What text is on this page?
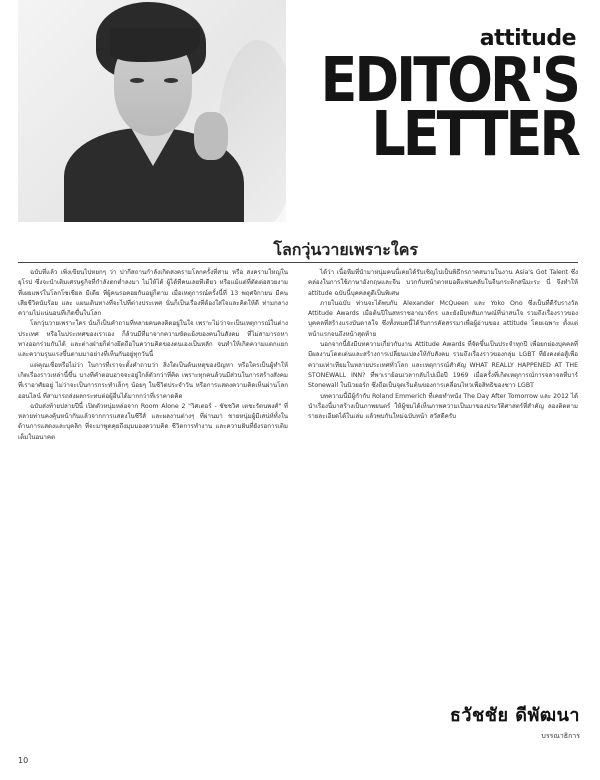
attitude
EDITOR'S
LETTER
โลกวุ่นวายเพราะใคร

ฉบับที่แล้ว เพิ่งเขียนไปหยกๆ ว่า ปากีสถานกำลังเกิดสงครามโลกครั้งที่สาม หรือ สงครามใหญ่ในยุโรป ซึ่งจะนำเติมเศรษฐกิจที่กำลังตกต่ำลงมา ไม่ให้ได้ ผู้ได้ทีคนเลยทีเดียว หรือแม้แต่ที่ตัดต่อสวยงามที่เผยแพร่ในโลกโซเชียล มีเดีย ที่ผู้คนรอคอยกันอยู่ก็ตาม เมื่อเหตุการณ์ครั้งนี้ที่ 13 พฤศจิกายน มีคนเสียชีวิตนับร้อย และ แผนเดินทางที่จะไปที่ต่างประเทศ นั่นก็เป็นเรื่องที่ต้องใส่ใจและคิดให้ดี ท่ามกลางความไม่แน่นอนที่เกิดขึ้นในโลก

โลกวุ่นวายเพราะใคร นั่นก็เป็นคำถามที่หลายคนคงคิดอยู่ในใจ เพราะไม่ว่าจะเป็นเหตุการณ์ในต่างประเทศ หรือในประเทศของเราเอง ก็ล้วนมีที่มาจากความขัดแย้งของคนในสังคม ที่ไม่สามารถหาทางออกร่วมกันได้ และต่างฝ่ายก็ต่างยึดถือในความคิดของตนเองเป็นหลัก จนทำให้เกิดความแตกแยกและความรุนแรงขึ้นตามมาอย่างที่เห็นกันอยู่ทุกวันนี้

แต่คุณเชื่อหรือไม่ว่า ในการที่เราจะตั้งคำถามว่า สิ่งใดเป็นต้นเหตุของปัญหา หรือใครเป็นผู้ทำให้เกิดเรื่องราวเหล่านี้ขึ้น บางทีคำตอบอาจจะอยู่ใกล้ตัวกว่าที่คิด เพราะทุกคนล้วนมีส่วนในการสร้างสังคมที่เราอาศัยอยู่ ไม่ว่าจะเป็นการกระทำเล็กๆ น้อยๆ ในชีวิตประจำวัน หรือการแสดงความคิดเห็นผ่านโลกออนไลน์ ที่สามารถส่งผลกระทบต่อผู้อื่นได้มากกว่าที่เราคาดคิด

ฉบับส่งท้ายปลายปีนี้ เปิดตัวหนุ่มหล่อจาก Room Alone 2 "วิศเตอร์ - ชัชชวิศ เตชะรัตนพงศ์" ที่หลายท่านคงคุ้นหน้ากันแล้วจากการแสดงในซีรีส์ และผลงานต่างๆ ที่ผ่านมา ชายหนุ่มผู้มีเสน่ห์ทั้งในด้านการแสดงและบุคลิก ที่จะมาพูดคุยถึงมุมมองความคิด ชีวิตการทำงาน และความฝันที่ยังรอการเติมเต็มในอนาคต

ได้ว่า เนื้อหืมที่นำมาหนุ่มคนนี้เคยได้รับเชิญไปเป็นพิธีกรภาคสนามในงาน Asia's Got Talent ซึ่งคล่องในการใช้ภาษาอังกฤษและจีน บวกกับหน้าตาหมอดีแฟนคลับในจีนกระดิกสนีมะระ นี่ จึงทำให้ attitude ฉบับนี้บุคคลดูดีเป็นพิเศษ

ภายในฉบับ ท่านจะได้พบกับ Alexander McQueen และ Yoko Ono ซึ่งเป็นที่ดีรับรางวัล Attitude Awards เมื่อต้นปีในสหราชอาณาจักร และยังมีบทสัมภาษณ์ที่น่าสนใจ รวมถึงเรื่องราวของบุคคลที่สร้างแรงบันดาลใจ ซึ่งทั้งหมดนี้ได้รับการคัดสรรมาเพื่อผู้อ่านของ attitude โดยเฉพาะ ตั้งแต่หน้าแรกจนถึงหน้าสุดท้าย

นอกจากนี้ยังมีบทความเกี่ยวกับงาน Attitude Awards ที่จัดขึ้นเป็นประจำทุกปี เพื่อยกย่องบุคคลที่มีผลงานโดดเด่นและสร้างการเปลี่ยนแปลงให้กับสังคม รวมถึงเรื่องราวของกลุ่ม LGBT ที่ยังคงต่อสู้เพื่อความเท่าเทียมในหลายประเทศทั่วโลก และเหตุการณ์สำคัญ WHAT REALLY HAPPENED AT THE STONEWALL INN? ที่พาเราย้อนเวลากลับไปเมื่อปี 1969 เมื่อครั้งที่เกิดเหตุการณ์การจลาจลที่บาร์ Stonewall ในนิวยอร์ก ซึ่งถือเป็นจุดเริ่มต้นของการเคลื่อนไหวเพื่อสิทธิของชาว LGBT

บทความนี้มีผู้กำกับ Roland Emmerich ที่เคยทำหนัง The Day After Tomorrow และ 2012 ได้นำเรื่องนี้มาสร้างเป็นภาพยนตร์ ให้ผู้ชมได้เห็นภาพความเป็นมาของประวัติศาสตร์ที่สำคัญ ลองติดตามรายละเอียดได้ในเล่ม แล้วพบกันใหม่ฉบับหน้า สวัสดีครับ

ธวัชชัย ดีพัฒนา
บรรณาธิการ
10
